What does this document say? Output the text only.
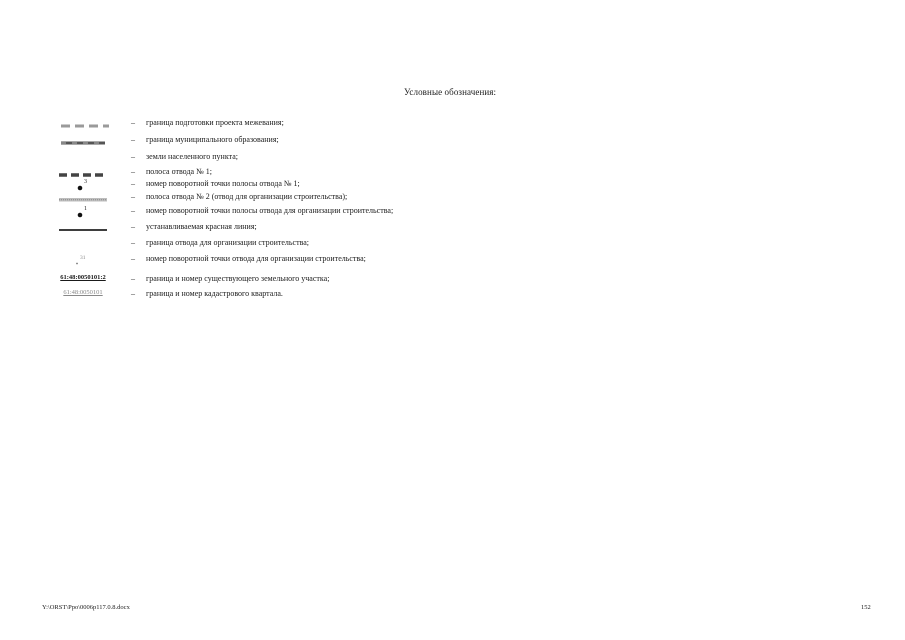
Условные обозначения:
– граница подготовки проекта межевания;
– граница муниципального образования;
– земли населенного пункта;
– полоса отвода № 1;
3	– номер поворотной точки полосы отвода № 1;
– полоса отвода № 2 (отвод для организации строительства);
1	– номер поворотной точки полосы отвода для организации строительства;
– устанавливаемая красная линия;
– граница отвода для организации строительства;
31	– номер поворотной точки отвода для организации строительства;
61:48:0050101:2	– граница и номер существующего земельного участка;
61:48:0050101	– граница и номер кадастрового квартала.
Y:\ORST\Ppo\0006p117.0.8.docx	152
